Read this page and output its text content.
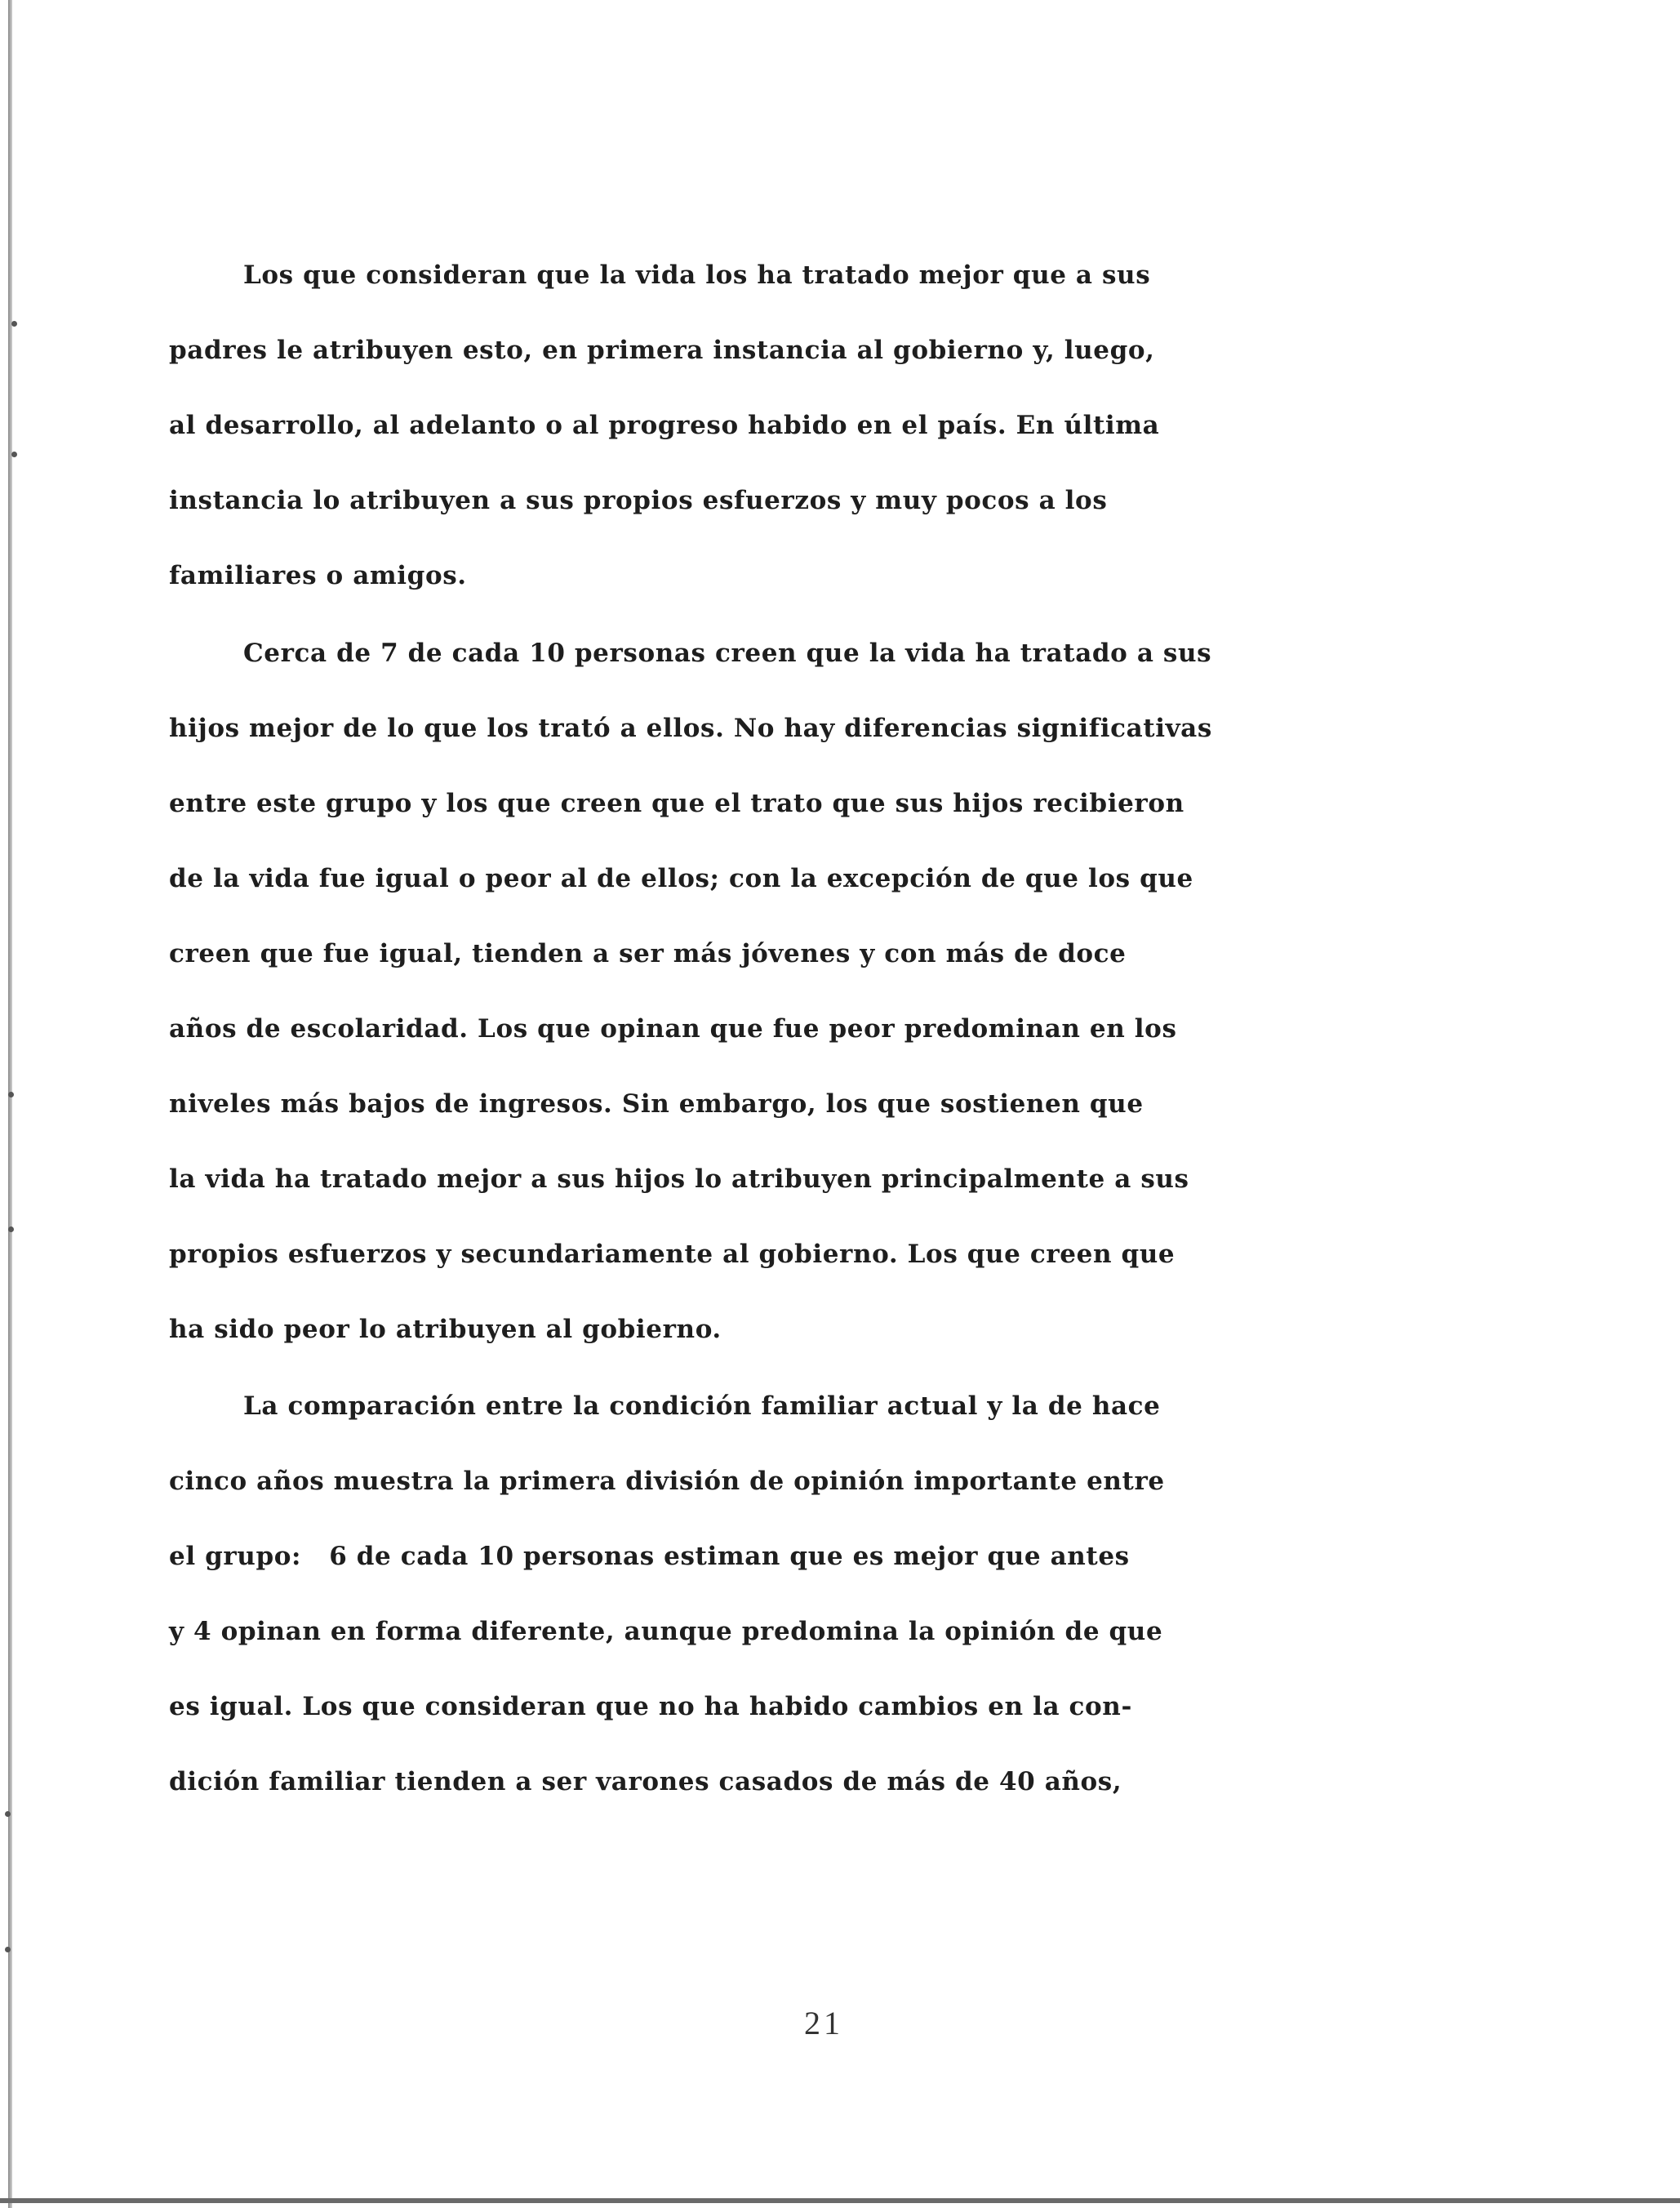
Los que consideran que la vida los ha tratado mejor que a sus

padres le atribuyen esto, en primera instancia al gobierno y, luego,

al desarrollo, al adelanto o al progreso habido en el país. En última

instancia lo atribuyen a sus propios esfuerzos y muy pocos a los

familiares o amigos.

Cerca de 7 de cada 10 personas creen que la vida ha tratado a sus

hijos mejor de lo que los trató a ellos. No hay diferencias significativas

entre este grupo y los que creen que el trato que sus hijos recibieron

de la vida fue igual o peor al de ellos; con la excepción de que los que

creen que fue igual, tienden a ser más jóvenes y con más de doce

años de escolaridad. Los que opinan que fue peor predominan en los

niveles más bajos de ingresos. Sin embargo, los que sostienen que

la vida ha tratado mejor a sus hijos lo atribuyen principalmente a sus

propios esfuerzos y secundariamente al gobierno. Los que creen que

ha sido peor lo atribuyen al gobierno.

La comparación entre la condición familiar actual y la de hace

cinco años muestra la primera división de opinión importante entre

el grupo:   6 de cada 10 personas estiman que es mejor que antes

y 4 opinan en forma diferente, aunque predomina la opinión de que

es igual. Los que consideran que no ha habido cambios en la con-

dición familiar tienden a ser varones casados de más de 40 años,

21
